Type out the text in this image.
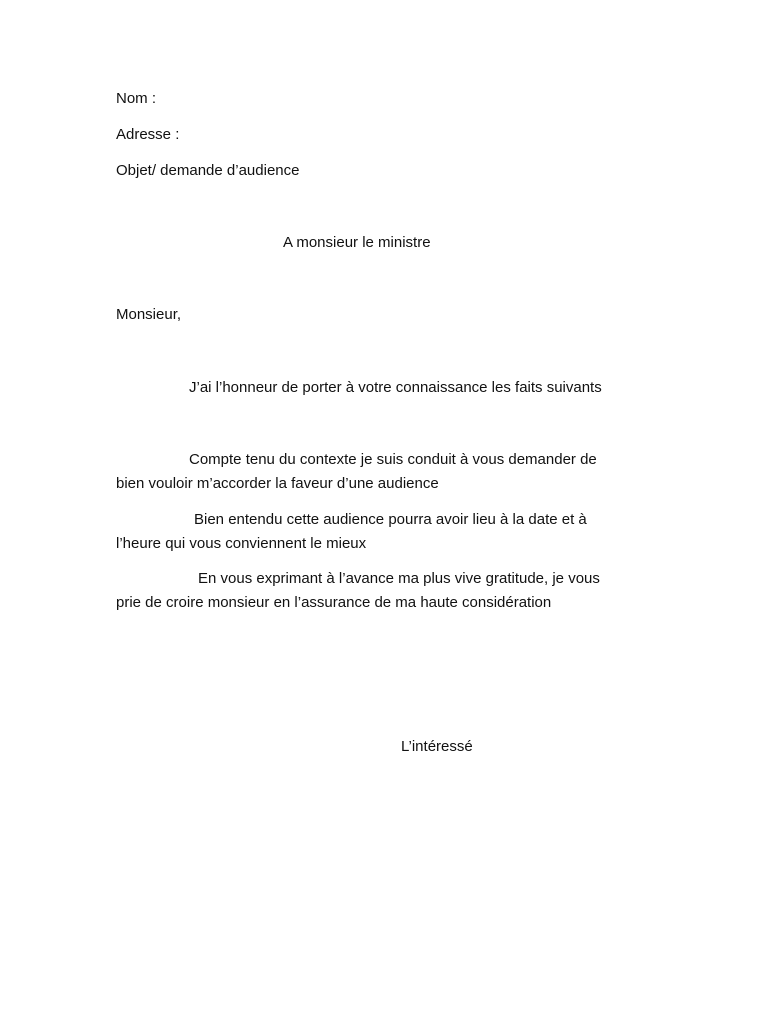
Nom :
Adresse :
Objet/ demande d’audience
A monsieur le ministre
Monsieur,
J’ai l’honneur de porter à votre connaissance les faits suivants
Compte tenu du contexte je suis conduit à vous demander de
bien vouloir m’accorder la faveur d’une audience
Bien entendu cette audience pourra avoir lieu à la date et à
l’heure qui vous conviennent le mieux
En vous exprimant à l’avance ma plus vive gratitude, je vous
prie de croire monsieur en l’assurance de ma haute considération
L’intéressé
